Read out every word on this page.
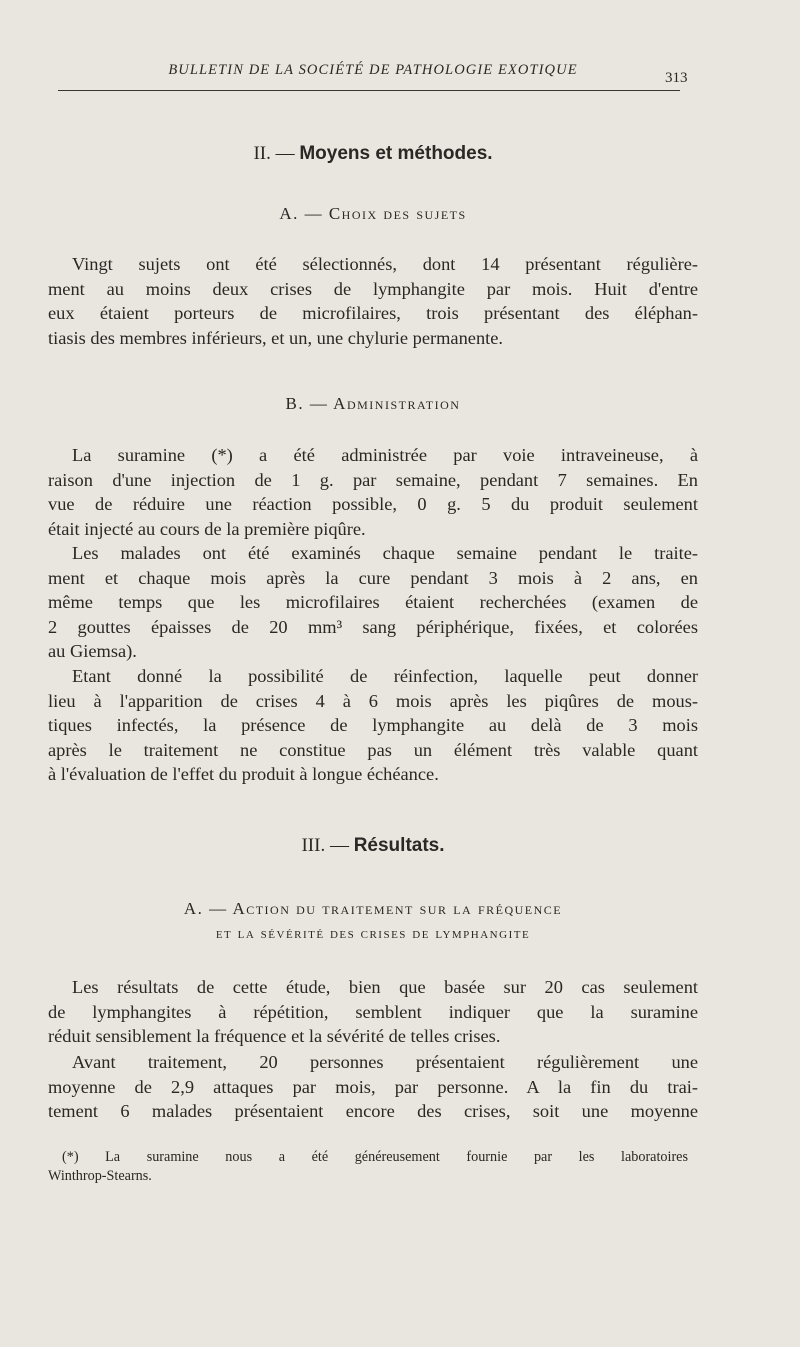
BULLETIN DE LA SOCIÉTÉ DE PATHOLOGIE EXOTIQUE	313
II. — Moyens et méthodes.
A. — Choix des sujets
Vingt sujets ont été sélectionnés, dont 14 présentant régulière-
ment au moins deux crises de lymphangite par mois. Huit d'entre
eux étaient porteurs de microfilaires, trois présentant des éléphan-
tiasis des membres inférieurs, et un, une chylurie permanente.
B. — Administration
La suramine (*) a été administrée par voie intraveineuse, à
raison d'une injection de 1 g. par semaine, pendant 7 semaines. En
vue de réduire une réaction possible, 0 g. 5 du produit seulement
était injecté au cours de la première piqûre.
Les malades ont été examinés chaque semaine pendant le traite-
ment et chaque mois après la cure pendant 3 mois à 2 ans, en
même temps que les microfilaires étaient recherchées (examen de
2 gouttes épaisses de 20 mm³ sang périphérique, fixées, et colorées
au Giemsa).
Etant donné la possibilité de réinfection, laquelle peut donner
lieu à l'apparition de crises 4 à 6 mois après les piqûres de mous-
tiques infectés, la présence de lymphangite au delà de 3 mois
après le traitement ne constitue pas un élément très valable quant
à l'évaluation de l'effet du produit à longue échéance.
III. — Résultats.
A. — Action du traitement sur la fréquence
et la sévérité des crises de lymphangite
Les résultats de cette étude, bien que basée sur 20 cas seulement
de lymphangites à répétition, semblent indiquer que la suramine
réduit sensiblement la fréquence et la sévérité de telles crises.
Avant traitement, 20 personnes présentaient régulièrement une
moyenne de 2,9 attaques par mois, par personne. A la fin du trai-
tement 6 malades présentaient encore des crises, soit une moyenne
(*) La suramine nous a été généreusement fournie par les laboratoires
Winthrop-Stearns.
